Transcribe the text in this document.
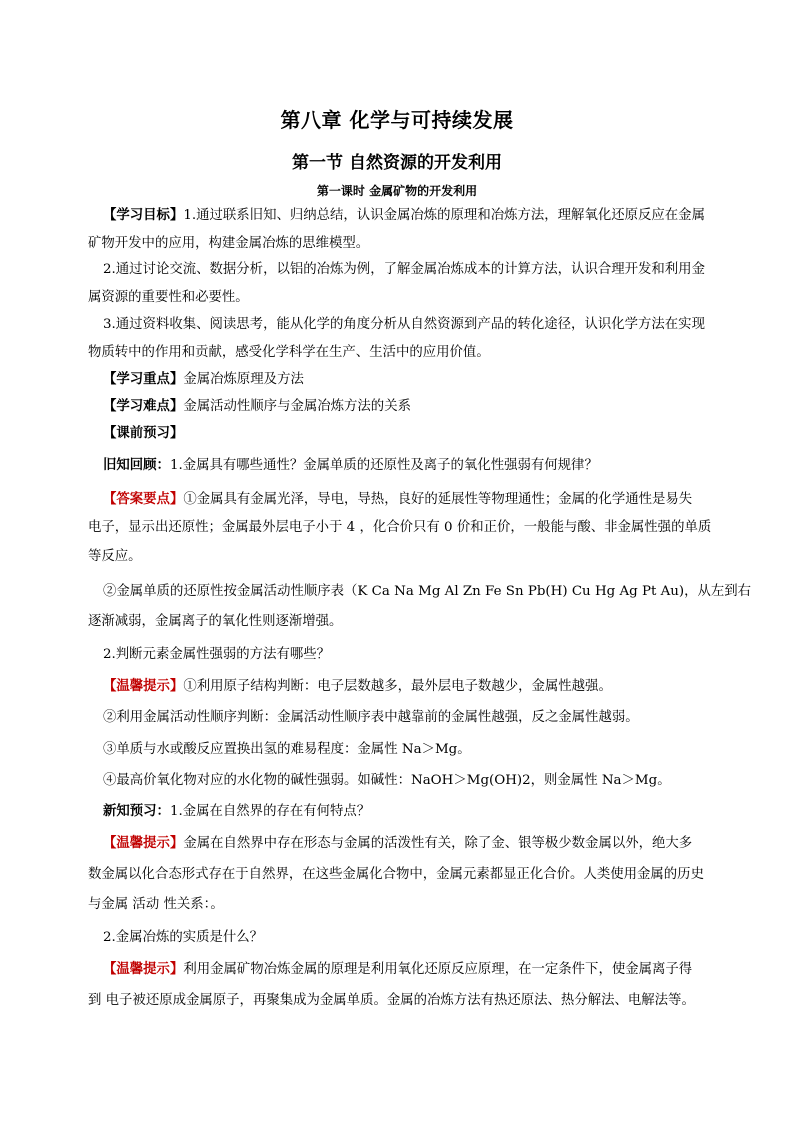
第八章 化学与可持续发展
第一节 自然资源的开发利用
第一课时 金属矿物的开发利用
【学习目标】1.通过联系旧知、归纳总结，认识金属冶炼的原理和冶炼方法，理解氧化还原反应在金属
矿物开发中的应用，构建金属冶炼的思维模型。
2.通过讨论交流、数据分析，以铝的冶炼为例，了解金属冶炼成本的计算方法，认识合理开发和利用金
属资源的重要性和必要性。
3.通过资料收集、阅读思考，能从化学的角度分析从自然资源到产品的转化途径，认识化学方法在实现
物质转中的作用和贡献，感受化学科学在生产、生活中的应用价值。
【学习重点】金属冶炼原理及方法
【学习难点】金属活动性顺序与金属冶炼方法的关系
【课前预习】
旧知回顾：1.金属具有哪些通性？金属单质的还原性及离子的氧化性强弱有何规律？
【答案要点】①金属具有金属光泽，导电，导热，良好的延展性等物理通性；金属的化学通性是易失
电子，显示出还原性；金属最外层电子小于 4 ，化合价只有 0 价和正价，一般能与酸、非金属性强的单质
等反应。
②金属单质的还原性按金属活动性顺序表（K Ca Na Mg Al Zn Fe Sn Pb(H) Cu Hg Ag Pt Au)，从左到右
逐渐减弱，金属离子的氧化性则逐渐增强。
2.判断元素金属性强弱的方法有哪些？
【温馨提示】①利用原子结构判断：电子层数越多，最外层电子数越少，金属性越强。
②利用金属活动性顺序判断：金属活动性顺序表中越靠前的金属性越强，反之金属性越弱。
③单质与水或酸反应置换出氢的难易程度：金属性 Na＞Mg。
④最高价氧化物对应的水化物的碱性强弱。如碱性：NaOH＞Mg(OH)2，则金属性 Na＞Mg。
新知预习：1.金属在自然界的存在有何特点？
【温馨提示】金属在自然界中存在形态与金属的活泼性有关，除了金、银等极少数金属以外，绝大多
数金属以化合态形式存在于自然界，在这些金属化合物中，金属元素都显正化合价。人类使用金属的历史
与金属 活动 性关系：。
2.金属冶炼的实质是什么？
【温馨提示】利用金属矿物冶炼金属的原理是利用氧化还原反应原理，在一定条件下，使金属离子得
到 电子被还原成金属原子，再聚集成为金属单质。金属的冶炼方法有热还原法、热分解法、电解法等。
